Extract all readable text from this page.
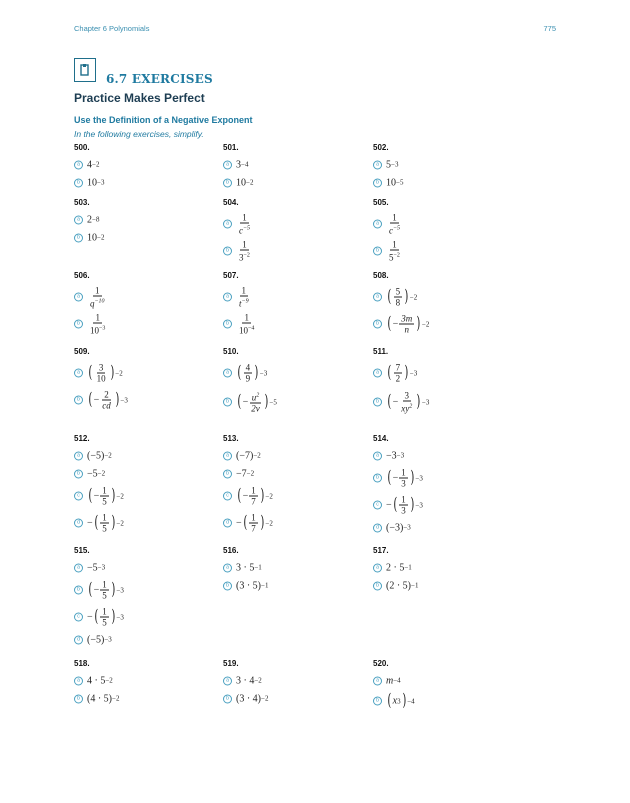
Chapter 6 Polynomials	775
6.7 EXERCISES
Practice Makes Perfect
Use the Definition of a Negative Exponent
In the following exercises, simplify.
500.
a 4 −2
b 10 −3
501.
a 3 −4
b 10 −2
502.
a 5 −3
b 10 −5
503.
a 2 −8
b 10 −2
504.
a $\frac{1}{c^{-5}}$
b $\frac{1}{3^{-2}}$
505.
a $\frac{1}{c^{-5}}$
b $\frac{1}{5^{-2}}$
506.
a $\frac{1}{q^{-10}}$
b $\frac{1}{10^{-3}}$
507.
a $\frac{1}{t^{-9}}$
b $\frac{1}{10^{-4}}$
508.
a ( $\frac{5}{8}$ ) −2
b ( − $\frac{3m}{n}$ ) −2
509.
a ( $\frac{3}{10}$ ) −2
b ( − $\frac{2}{cd}$ ) −3
510.
a ( $\frac{4}{9}$ ) −3
b ( − $\frac{u^2}{2v}$ ) −5
511.
a ( $\frac{7}{2}$ ) −3
b ( − $\frac{3}{xy^2}$ ) −3
512.
a (−5) −2
b −5 −2
c ( − $\frac{1}{5}$ ) −2
d − ( $\frac{1}{5}$ ) −2
513.
a (−7) −2
b −7 −2
c ( − $\frac{1}{7}$ ) −2
d − ( $\frac{1}{7}$ ) −2
514.
a −3 −3
b ( − $\frac{1}{3}$ ) −3
c − ( $\frac{1}{3}$ ) −3
d (−3) −3
515.
a −5 −3
b ( − $\frac{1}{5}$ ) −3
c − ( $\frac{1}{5}$ ) −3
d (−5) −3
516.
a 3 · 5 −1
b (3 · 5) −1
517.
a 2 · 5 −1
b (2 · 5) −1
518.
a 4 · 5 −2
b (4 · 5) −2
519.
a 3 · 4 −2
b (3 · 4) −2
520.
a m −4
b ( x 3 ) −4
